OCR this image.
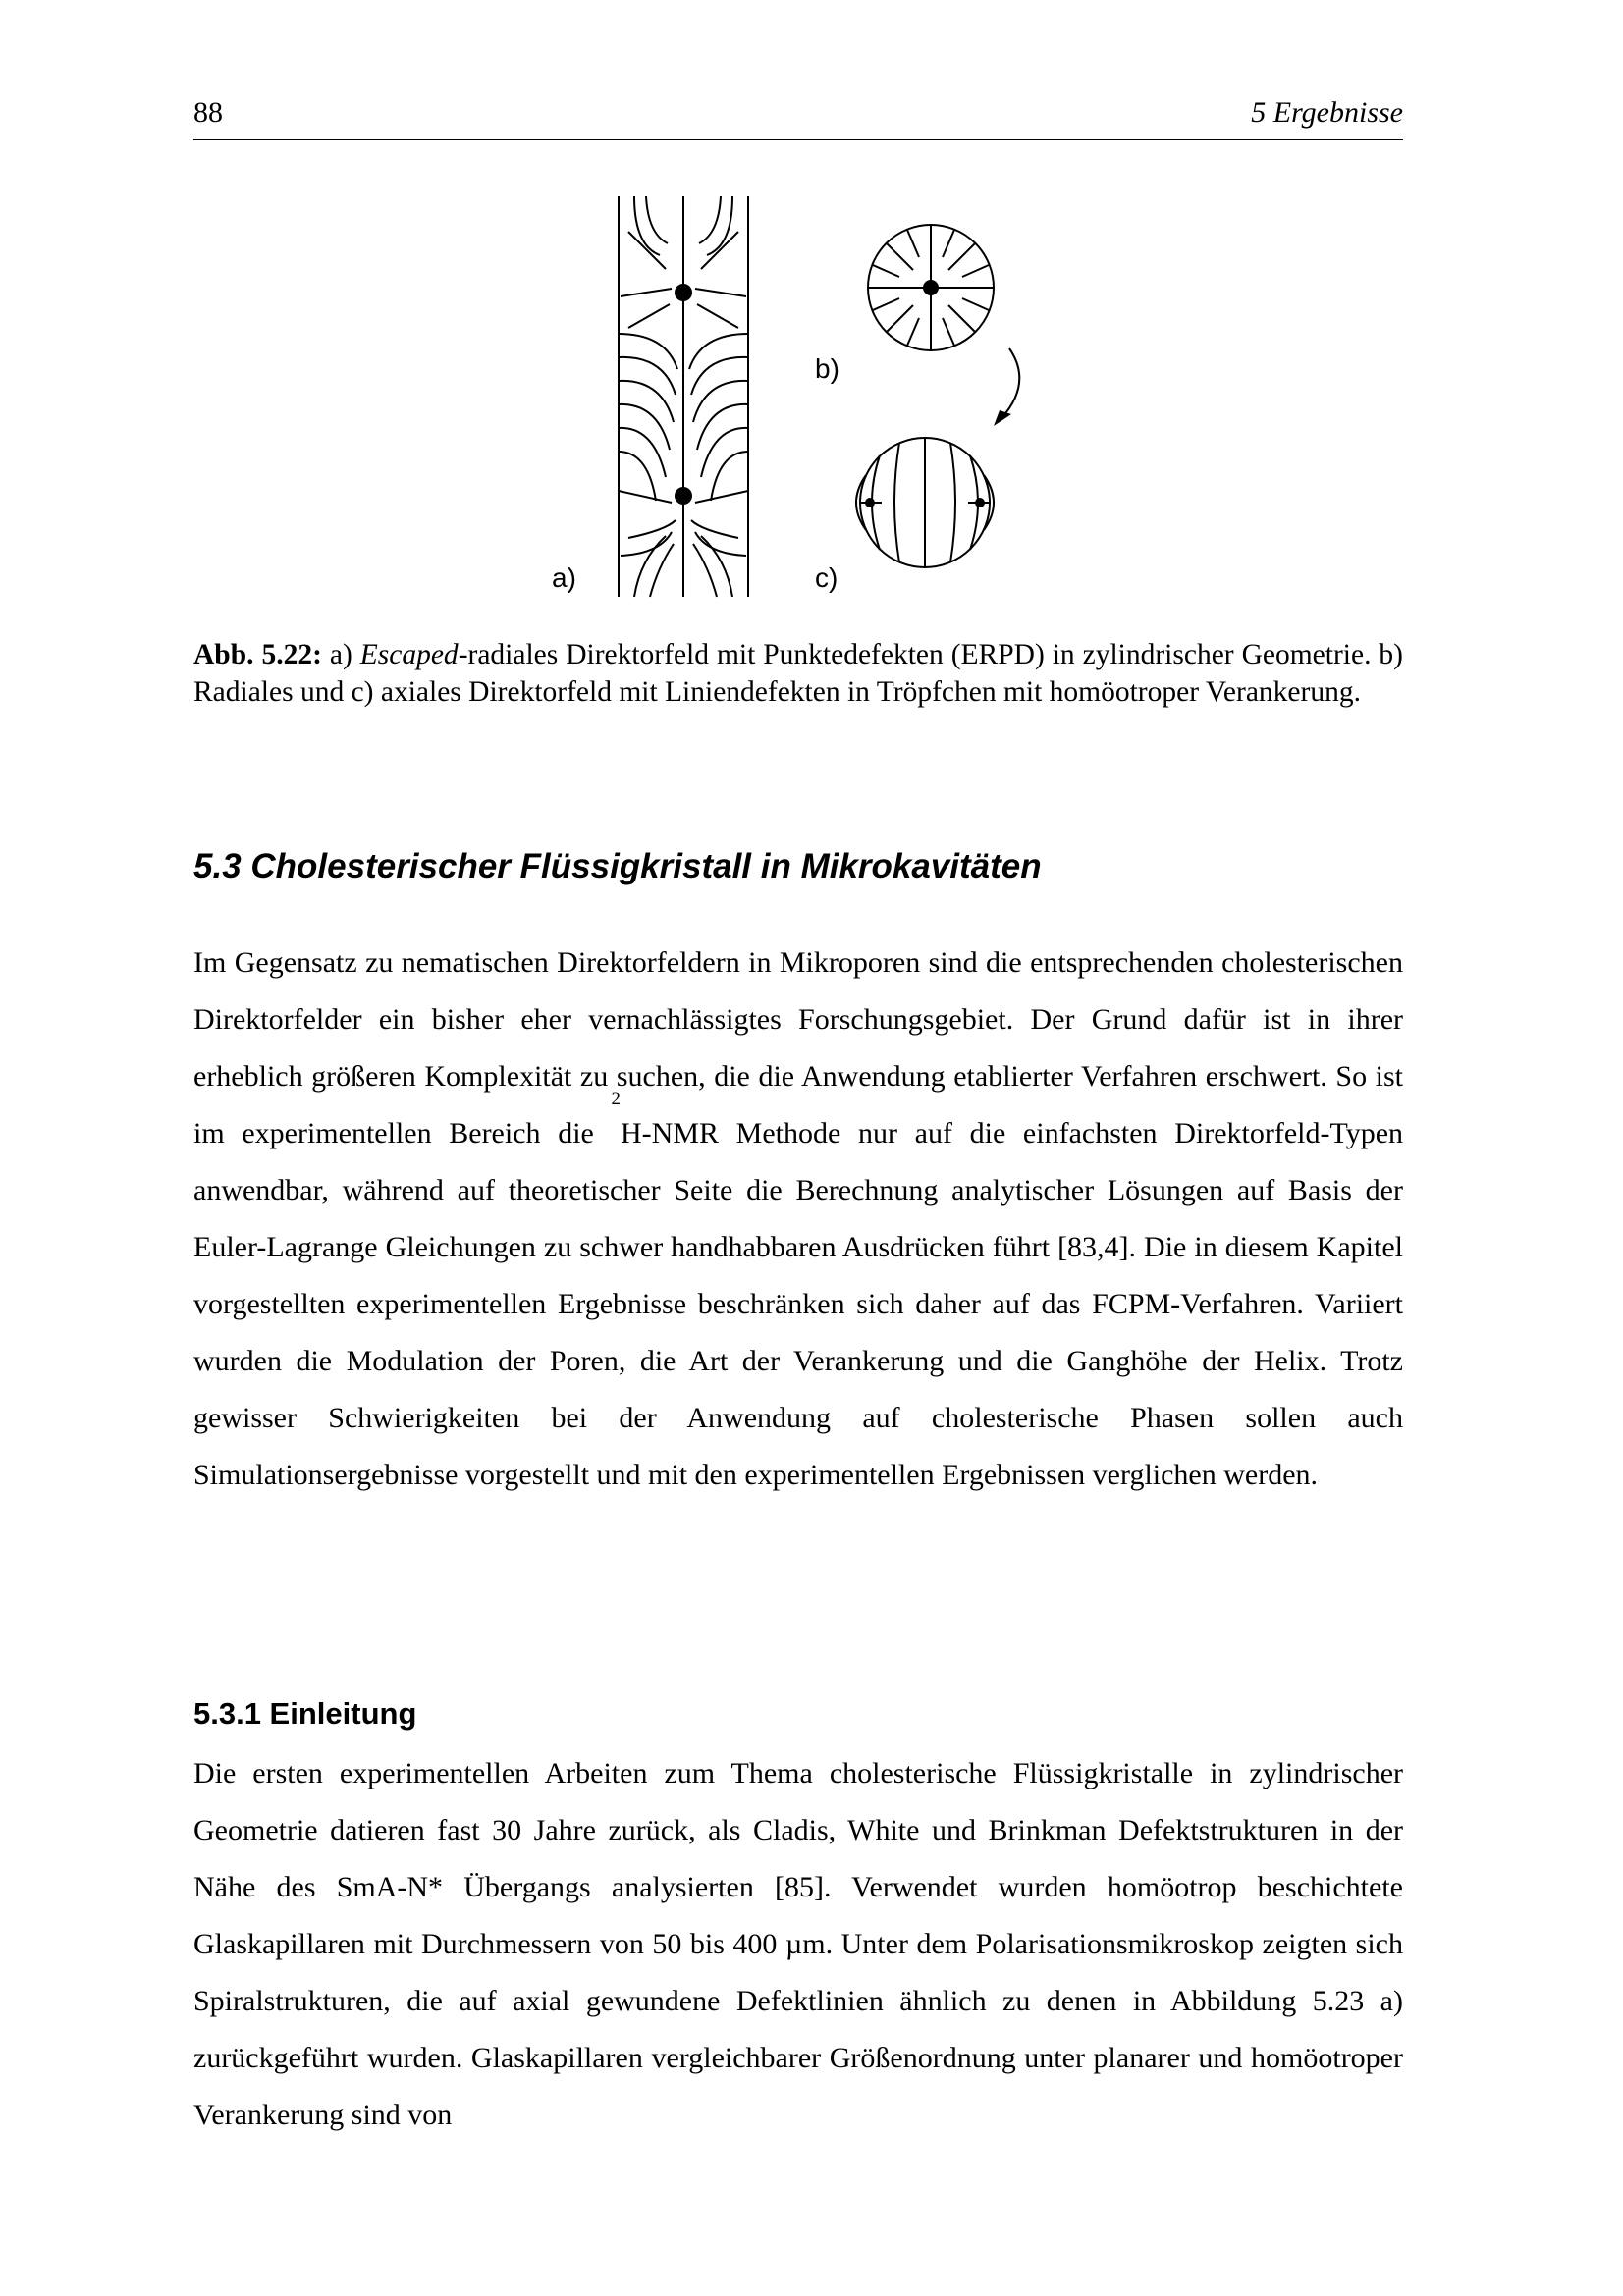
88	5 Ergebnisse
a)
b)
c)
Abb. 5.22: a) Escaped-radiales Direktorfeld mit Punktedefekten (ERPD) in zylindrischer Geometrie. b) Radiales und c) axiales Direktorfeld mit Liniendefekten in Tröpfchen mit homöotroper Verankerung.
5.3 Cholesterischer Flüssigkristall in Mikrokavitäten
Im Gegensatz zu nematischen Direktorfeldern in Mikroporen sind die entsprechenden cholesterischen Direktorfelder ein bisher eher vernachlässigtes Forschungsgebiet. Der Grund dafür ist in ihrer erheblich größeren Komplexität zu suchen, die die Anwendung etablierter Verfahren erschwert. So ist im experimentellen Bereich die $^2$H-NMR Methode nur auf die einfachsten Direktorfeld-Typen anwendbar, während auf theoretischer Seite die Berechnung analytischer Lösungen auf Basis der Euler-Lagrange Gleichungen zu schwer handhabbaren Ausdrücken führt [83,4]. Die in diesem Kapitel vorgestellten experimentellen Ergebnisse beschränken sich daher auf das FCPM-Verfahren. Variiert wurden die Modulation der Poren, die Art der Verankerung und die Ganghöhe der Helix. Trotz gewisser Schwierigkeiten bei der Anwendung auf cholesterische Phasen sollen auch Simulationsergebnisse vorgestellt und mit den experimentellen Ergebnissen verglichen werden.
5.3.1 Einleitung
Die ersten experimentellen Arbeiten zum Thema cholesterische Flüssigkristalle in zylindrischer Geometrie datieren fast 30 Jahre zurück, als Cladis, White und Brinkman Defektstrukturen in der Nähe des SmA-N* Übergangs analysierten [85]. Verwendet wurden homöotrop beschichtete Glaskapillaren mit Durchmessern von 50 bis 400 µm. Unter dem Polarisationsmikroskop zeigten sich Spiralstrukturen, die auf axial gewundene Defektlinien ähnlich zu denen in Abbildung 5.23 a) zurückgeführt wurden. Glaskapillaren vergleichbarer Größenordnung unter planarer und homöotroper Verankerung sind von
